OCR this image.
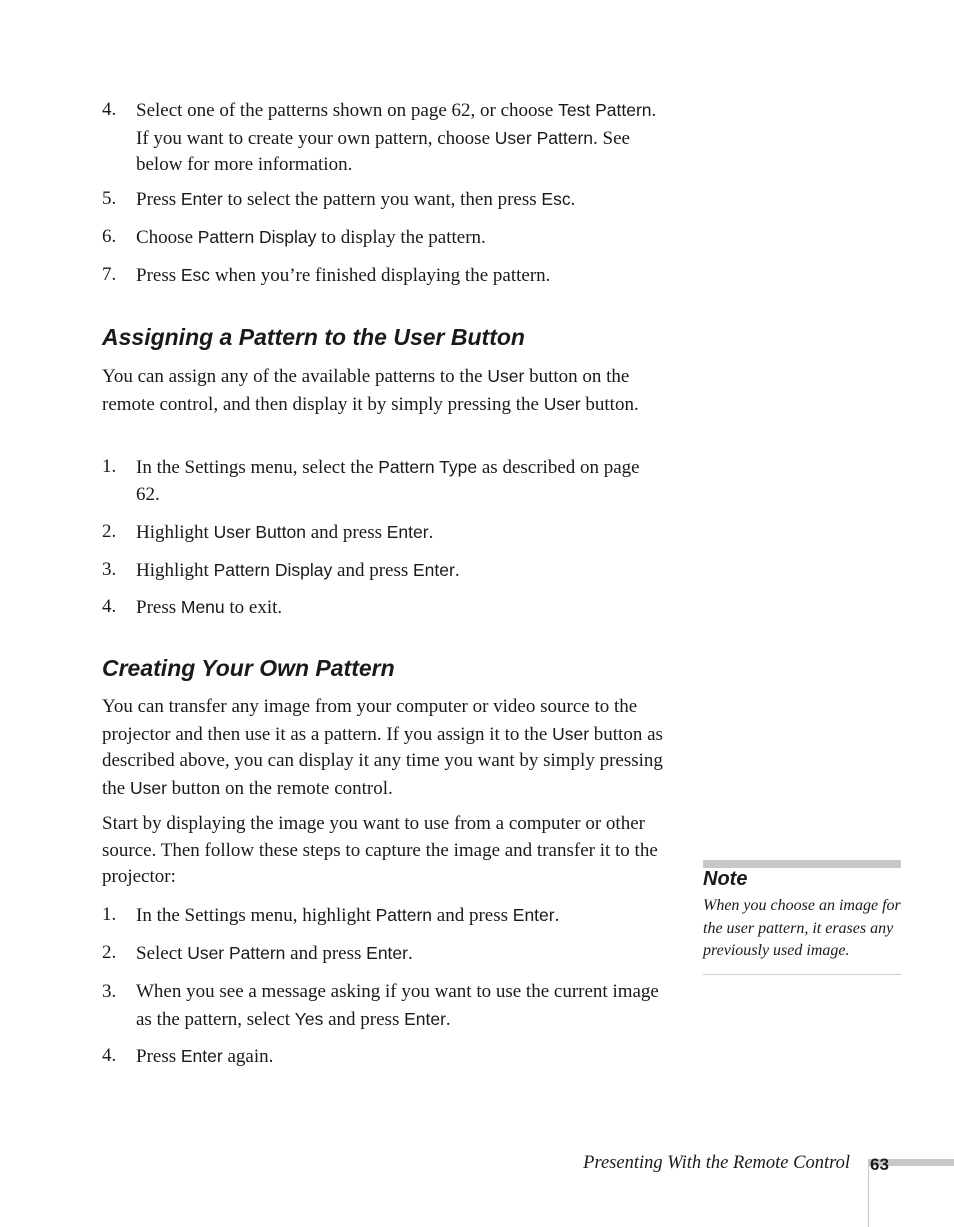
4. Select one of the patterns shown on page 62, or choose Test Pattern. If you want to create your own pattern, choose User Pattern. See below for more information.
5. Press Enter to select the pattern you want, then press Esc.
6. Choose Pattern Display to display the pattern.
7. Press Esc when you’re finished displaying the pattern.
Assigning a Pattern to the User Button

You can assign any of the available patterns to the User button on the remote control, and then display it by simply pressing the User button.

1. In the Settings menu, select the Pattern Type as described on page 62.
2. Highlight User Button and press Enter.
3. Highlight Pattern Display and press Enter.
4. Press Menu to exit.
Creating Your Own Pattern

You can transfer any image from your computer or video source to the projector and then use it as a pattern. If you assign it to the User button as described above, you can display it any time you want by simply pressing the User button on the remote control.

Start by displaying the image you want to use from a computer or other source. Then follow these steps to capture the image and transfer it to the projector:

1. In the Settings menu, highlight Pattern and press Enter.
2. Select User Pattern and press Enter.
3. When you see a message asking if you want to use the current image as the pattern, select Yes and press Enter.
4. Press Enter again.
Note
When you choose an image for the user pattern, it erases any previously used image.
Presenting With the Remote Control 63
